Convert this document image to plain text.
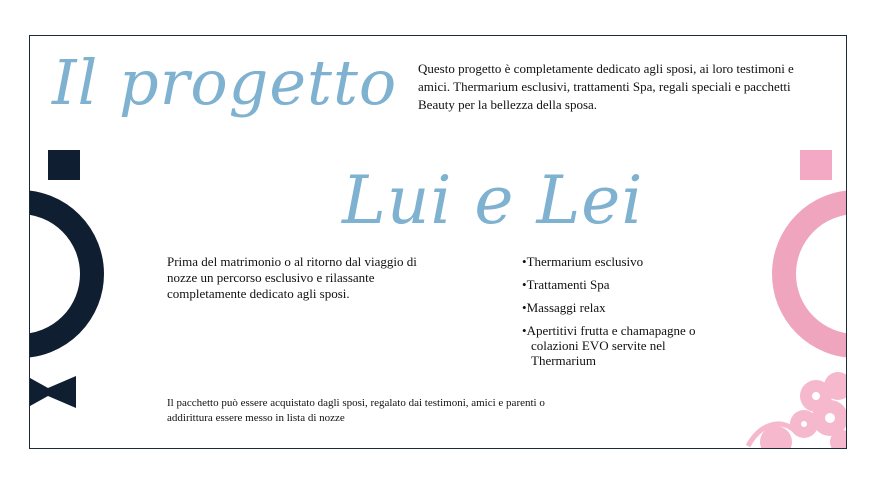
Il progetto
Lui e Lei

Questo progetto è completamente dedicato agli sposi, ai loro testimoni e amici. Thermarium esclusivi, trattamenti Spa, regali speciali e pacchetti Beauty per la bellezza della sposa.

Prima del matrimonio o al ritorno dal viaggio di nozze un percorso esclusivo e rilassante completamente dedicato agli sposi.

• Thermarium esclusivo
• Trattamenti Spa
• Massaggi relax
• Apertitivi frutta e chamapagne o colazioni EVO servite nel Thermarium

Il pacchetto può essere acquistato dagli sposi, regalato dai testimoni, amici e parenti o addirittura essere messo in lista di nozze
